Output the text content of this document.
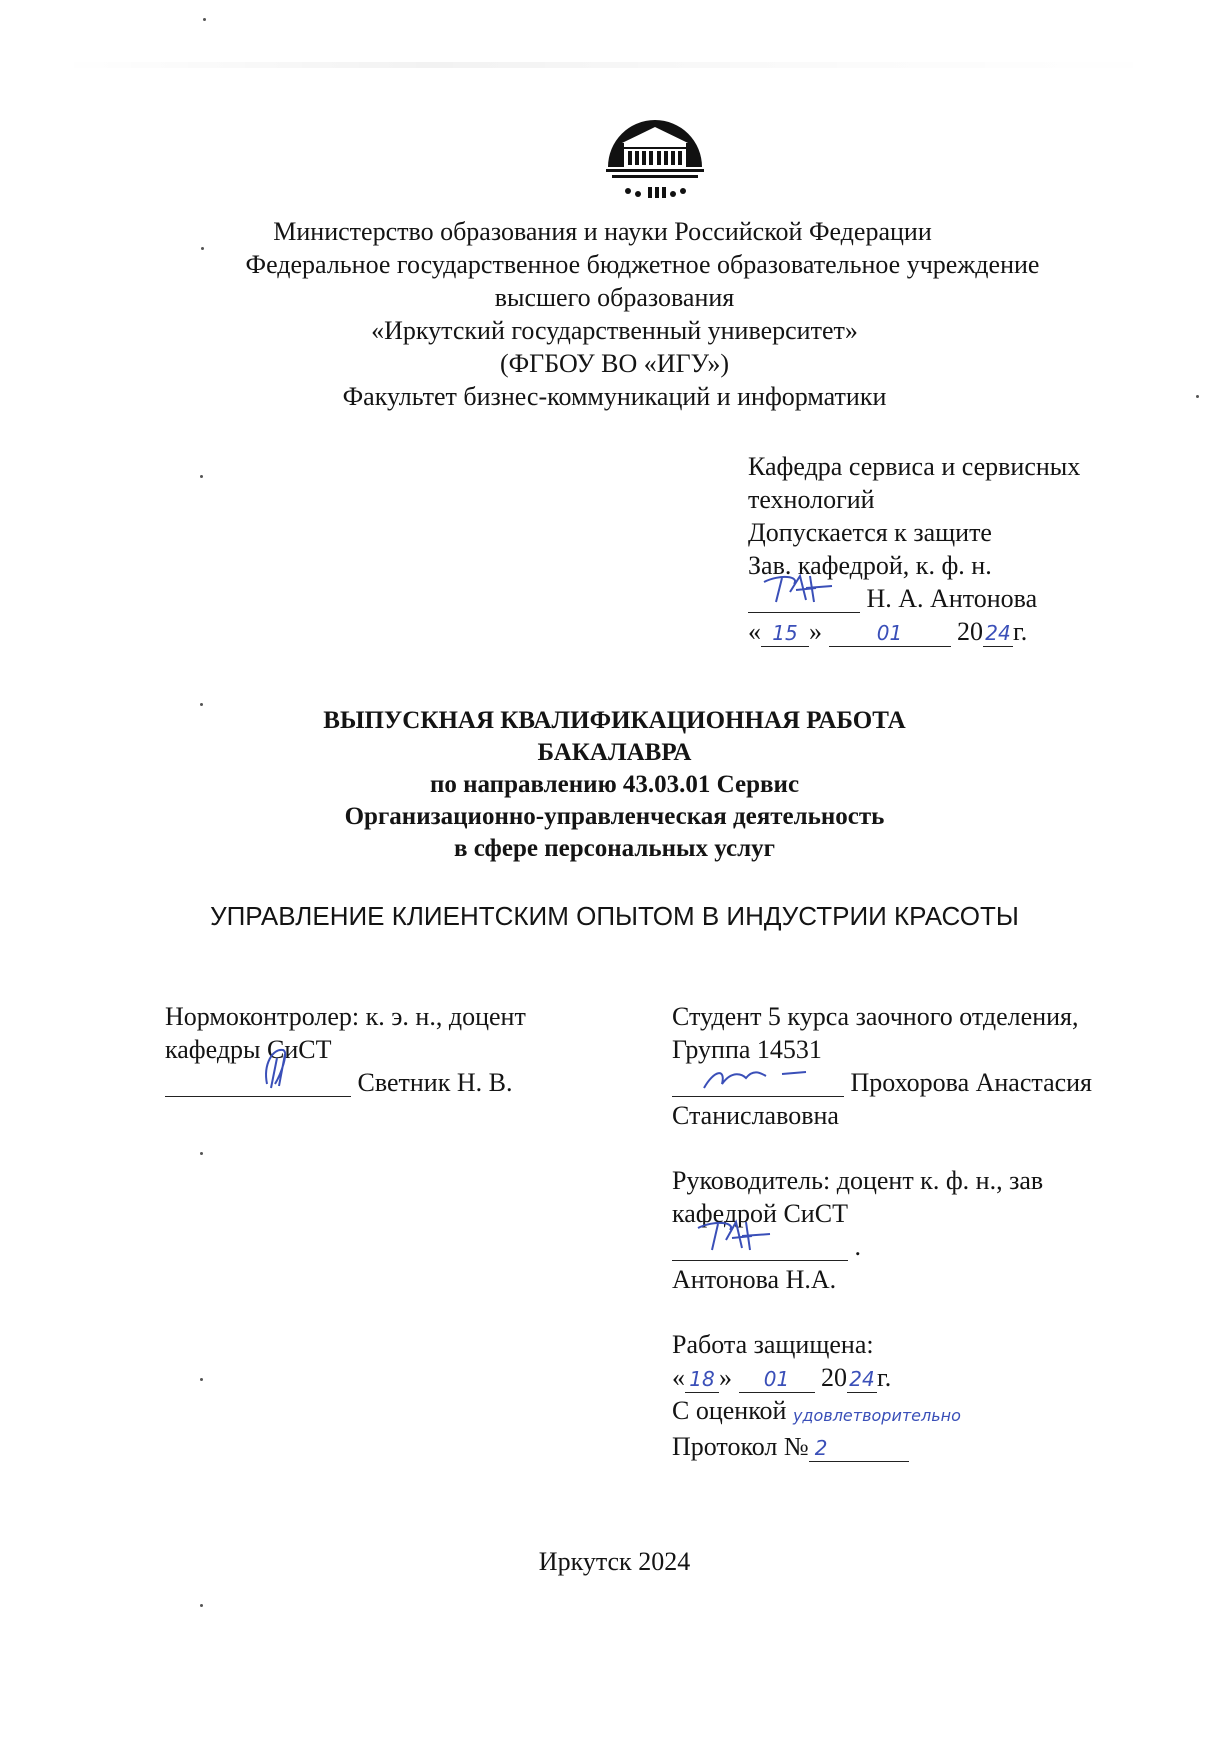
Министерство образования и науки Российской Федерации
Федеральное государственное бюджетное образовательное учреждение
высшего образования
«Иркутский государственный университет»
(ФГБОУ ВО «ИГУ»)
Факультет бизнес-коммуникаций и информатики
Кафедра сервиса и сервисных
технологий
Допускается к защите
Зав. кафедрой, к. ф. н.
Н. А. Антонова
« 15 »	01 20 24г.
ВЫПУСКНАЯ КВАЛИФИКАЦИОННАЯ РАБОТА
БАКАЛАВРА
по направлению 43.03.01 Сервис
Организационно-управленческая деятельность
в сфере персональных услуг
УПРАВЛЕНИЕ КЛИЕНТСКИМ ОПЫТОМ В ИНДУСТРИИ КРАСОТЫ
Нормоконтролер: к. э. н., доцент
кафедры СиСТ
Светник Н. В.
Студент 5 курса заочного отделения,
Группа 14531
Прохорова Анастасия
Станиславовна
Руководитель: доцент к. ф. н., зав
кафедрой СиСТ
.
Антонова Н.А.
Работа защищена:
« 18 » 01 20 24г.
С оценкой удовлетворительно
Протокол № 2
Иркутск 2024
